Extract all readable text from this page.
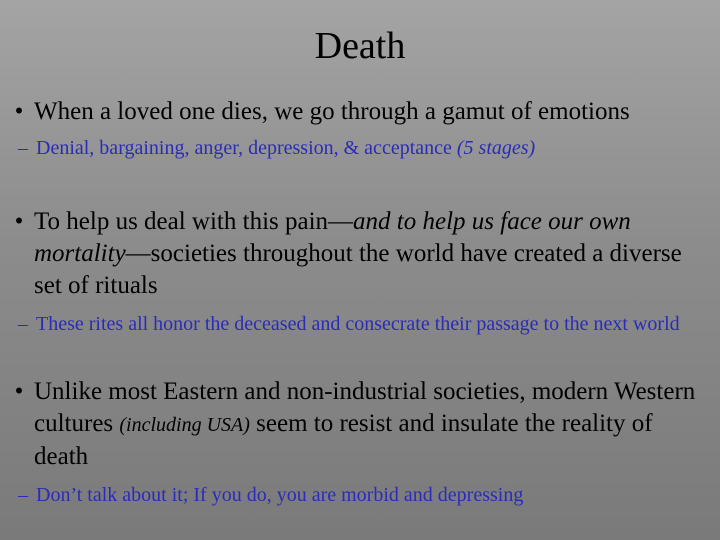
Death
• When a loved one dies, we go through a gamut of emotions
– Denial, bargaining, anger, depression, & acceptance (5 stages)
• To help us deal with this pain—and to help us face our own mortality—societies throughout the world have created a diverse set of rituals
– These rites all honor the deceased and consecrate their passage to the next world
• Unlike most Eastern and non-industrial societies, modern Western cultures (including USA) seem to resist and insulate the reality of death
– Don’t talk about it; If you do, you are morbid and depressing
